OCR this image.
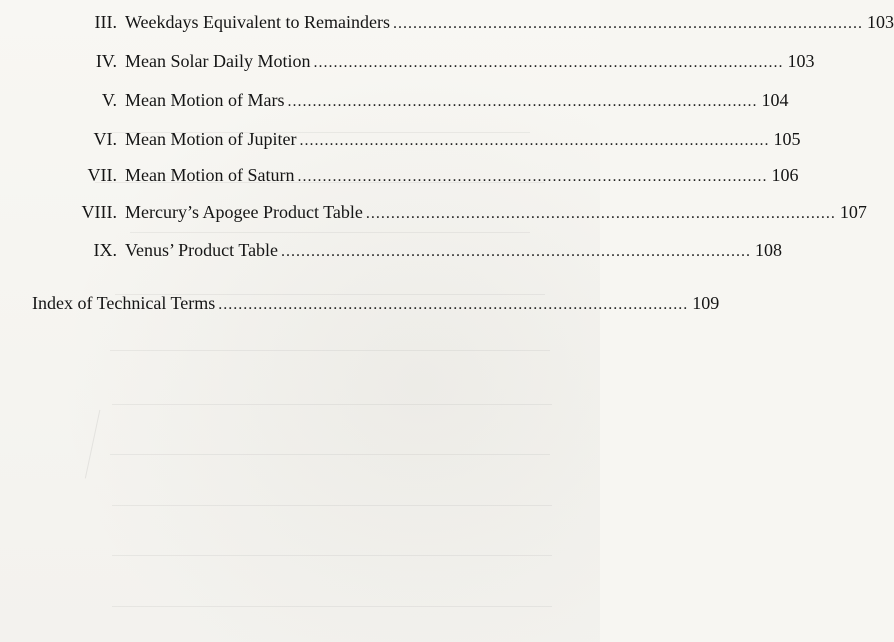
III. Weekdays Equivalent to Remainders .............................................................................................. 103
IV. Mean Solar Daily Motion .............................................................................................. 103
V. Mean Motion of Mars .............................................................................................. 104
VI. Mean Motion of Jupiter .............................................................................................. 105
VII. Mean Motion of Saturn .............................................................................................. 106
VIII. Mercury’s Apogee Product Table .............................................................................................. 107
IX. Venus’ Product Table .............................................................................................. 108
Index of Technical Terms .............................................................................................. 109
